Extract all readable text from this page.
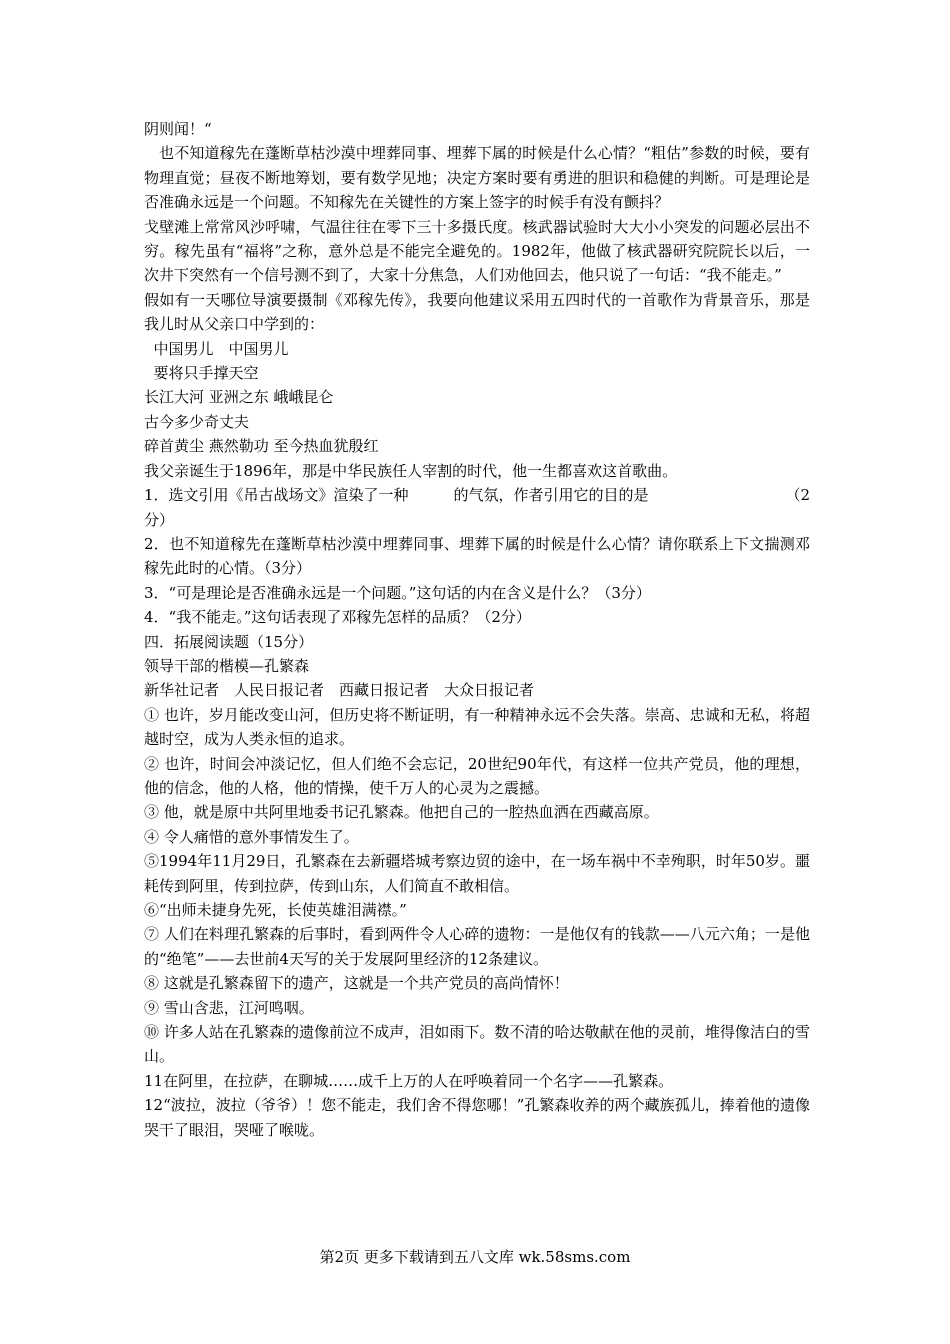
阴则闻！“

　也不知道稼先在蓬断草枯沙漠中埋葬同事、埋葬下属的时候是什么心情？“粗估”参数的时候，要有物理直觉；昼夜不断地筹划，要有数学见地；决定方案时要有勇进的胆识和稳健的判断。可是理论是否准确永远是一个问题。不知稼先在关键性的方案上签字的时候手有没有颤抖？

戈壁滩上常常风沙呼啸，气温往往在零下三十多摄氏度。核武器试验时大大小小突发的问题必层出不穷。稼先虽有“福将”之称，意外总是不能完全避免的。1982年，他做了核武器研究院院长以后，一次井下突然有一个信号测不到了，大家十分焦急，人们劝他回去，他只说了一句话：“我不能走。”

假如有一天哪位导演要摄制《邓稼先传》，我要向他建议采用五四时代的一首歌作为背景音乐，那是我儿时从父亲口中学到的：

中国男儿　中国男儿

要将只手撑天空

长江大河 亚洲之东 峨峨昆仑

古今多少奇丈夫

碎首黄尘 燕然勒功 至今热血犹殷红

我父亲诞生于1896年，那是中华民族任人宰割的时代，他一生都喜欢这首歌曲。

1．选文引用《吊古战场文》渲染了一种　　　的气氛，作者引用它的目的是	（2

分）

2．也不知道稼先在蓬断草枯沙漠中埋葬同事、埋葬下属的时候是什么心情？请你联系上下文揣测邓稼先此时的心情。（3分）

3．“可是理论是否准确永远是一个问题。”这句话的内在含义是什么？（3分）

4．“我不能走。”这句话表现了邓稼先怎样的品质？（2分）

四．拓展阅读题（15分）

领导干部的楷模—孔繁森

新华社记者　人民日报记者　西藏日报记者　大众日报记者

① 也许，岁月能改变山河，但历史将不断证明，有一种精神永远不会失落。崇高、忠诚和无私，将超越时空，成为人类永恒的追求。

② 也许，时间会冲淡记忆，但人们绝不会忘记，20世纪90年代，有这样一位共产党员，他的理想，他的信念，他的人格，他的情操，使千万人的心灵为之震撼。

③ 他，就是原中共阿里地委书记孔繁森。他把自己的一腔热血洒在西藏高原。

④ 令人痛惜的意外事情发生了。

⑤1994年11月29日，孔繁森在去新疆塔城考察边贸的途中，在一场车祸中不幸殉职，时年50岁。噩耗传到阿里，传到拉萨，传到山东，人们简直不敢相信。

⑥“出师未捷身先死，长使英雄泪满襟。”

⑦ 人们在料理孔繁森的后事时，看到两件令人心碎的遗物：一是他仅有的钱款——八元六角；一是他的“绝笔”——去世前4天写的关于发展阿里经济的12条建议。

⑧ 这就是孔繁森留下的遗产，这就是一个共产党员的高尚情怀！

⑨ 雪山含悲，江河鸣咽。

⑩ 许多人站在孔繁森的遗像前泣不成声，泪如雨下。数不清的哈达敬献在他的灵前，堆得像洁白的雪山。

11在阿里，在拉萨，在聊城……成千上万的人在呼唤着同一个名字——孔繁森。

12“波拉，波拉（爷爷）！您不能走，我们舍不得您哪！”孔繁森收养的两个藏族孤儿，捧着他的遗像哭干了眼泪，哭哑了喉咙。

第2页 更多下载请到五八文库 wk.58sms.com
